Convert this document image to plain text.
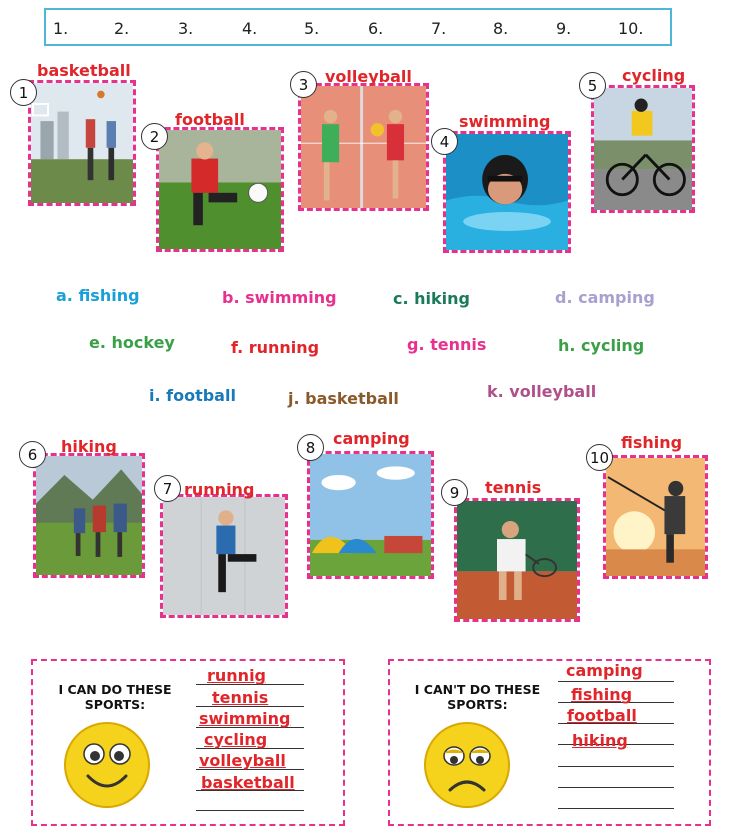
1.	2.	3.	4.	5.	6.	7.	8.	9.	10.
basketball
1
football
2
volleyball
3
swimming
4
cycling
5
a. fishing	b. swimming	c. hiking	d. camping
e. hockey	f. running	g. tennis	h. cycling
i. football	j. basketball	k. volleyball
hiking
6
running
7
camping
8
tennis
9
fishing
10
I CAN DO THESE SPORTS:
runnig
tennis
swimming
cycling
volleyball
basketball
I CAN'T DO THESE SPORTS:
camping
fishing
football
hiking
